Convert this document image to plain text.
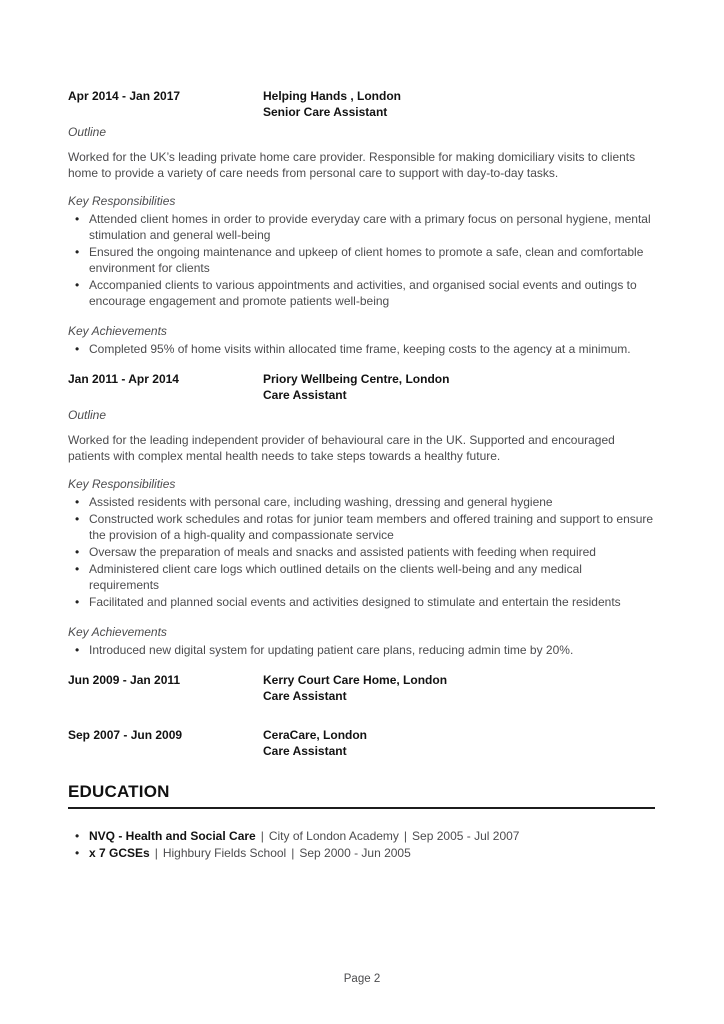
Apr 2014 - Jan 2017	Helping Hands , London
Senior Care Assistant
Outline

Worked for the UK’s leading private home care provider. Responsible for making domiciliary visits to clients home to provide a variety of care needs from personal care to support with day-to-day tasks.

Key Responsibilities
• Attended client homes in order to provide everyday care with a primary focus on personal hygiene, mental stimulation and general well-being
• Ensured the ongoing maintenance and upkeep of client homes to promote a safe, clean and comfortable environment for clients
• Accompanied clients to various appointments and activities, and organised social events and outings to encourage engagement and promote patients well-being
Key Achievements
• Completed 95% of home visits within allocated time frame, keeping costs to the agency at a minimum.
Jan 2011 - Apr 2014	Priory Wellbeing Centre, London
Care Assistant
Outline

Worked for the leading independent provider of behavioural care in the UK. Supported and encouraged patients with complex mental health needs to take steps towards a healthy future.

Key Responsibilities
• Assisted residents with personal care, including washing, dressing and general hygiene
• Constructed work schedules and rotas for junior team members and offered training and support to ensure the provision of a high-quality and compassionate service
• Oversaw the preparation of meals and snacks and assisted patients with feeding when required
• Administered client care logs which outlined details on the clients well-being and any medical requirements
• Facilitated and planned social events and activities designed to stimulate and entertain the residents
Key Achievements
• Introduced new digital system for updating patient care plans, reducing admin time by 20%.
Jun 2009 - Jan 2011	Kerry Court Care Home, London
Care Assistant
Sep 2007 - Jun 2009	CeraCare, London
Care Assistant
EDUCATION
• NVQ - Health and Social Care | City of London Academy | Sep 2005 - Jul 2007
• x 7 GCSEs | Highbury Fields School | Sep 2000 - Jun 2005
Page 2
